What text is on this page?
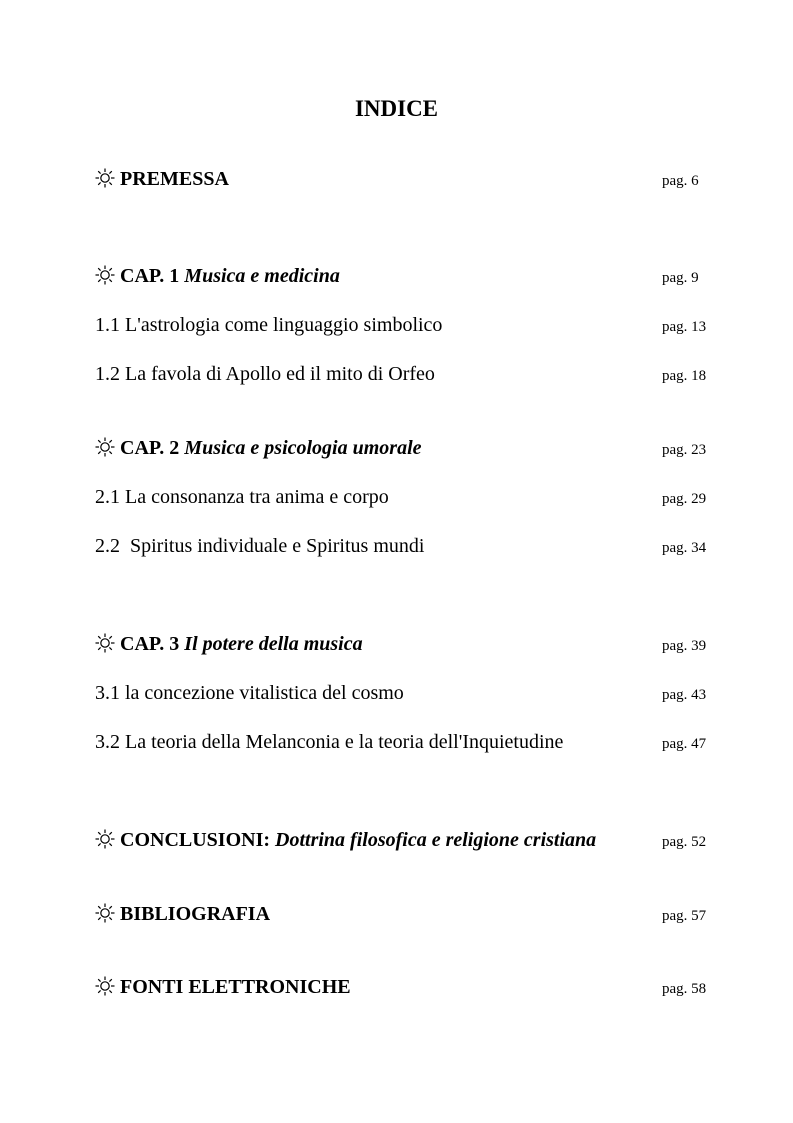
INDICE
PREMESSA	pag. 6
CAP. 1 Musica e medicina	pag. 9
1.1 L'astrologia come linguaggio simbolico	pag. 13
1.2 La favola di Apollo ed il mito di Orfeo	pag. 18
CAP. 2 Musica e psicologia umorale	pag. 23
2.1 La consonanza tra anima e corpo	pag. 29
2.2  Spiritus individuale e Spiritus mundi	pag. 34
CAP. 3 Il potere della musica	pag. 39
3.1 la concezione vitalistica del cosmo	pag. 43
3.2 La teoria della Melanconia e la teoria dell'Inquietudine	pag. 47
CONCLUSIONI: Dottrina filosofica e religione cristiana	pag. 52
BIBLIOGRAFIA	pag. 57
FONTI ELETTRONICHE	pag. 58
